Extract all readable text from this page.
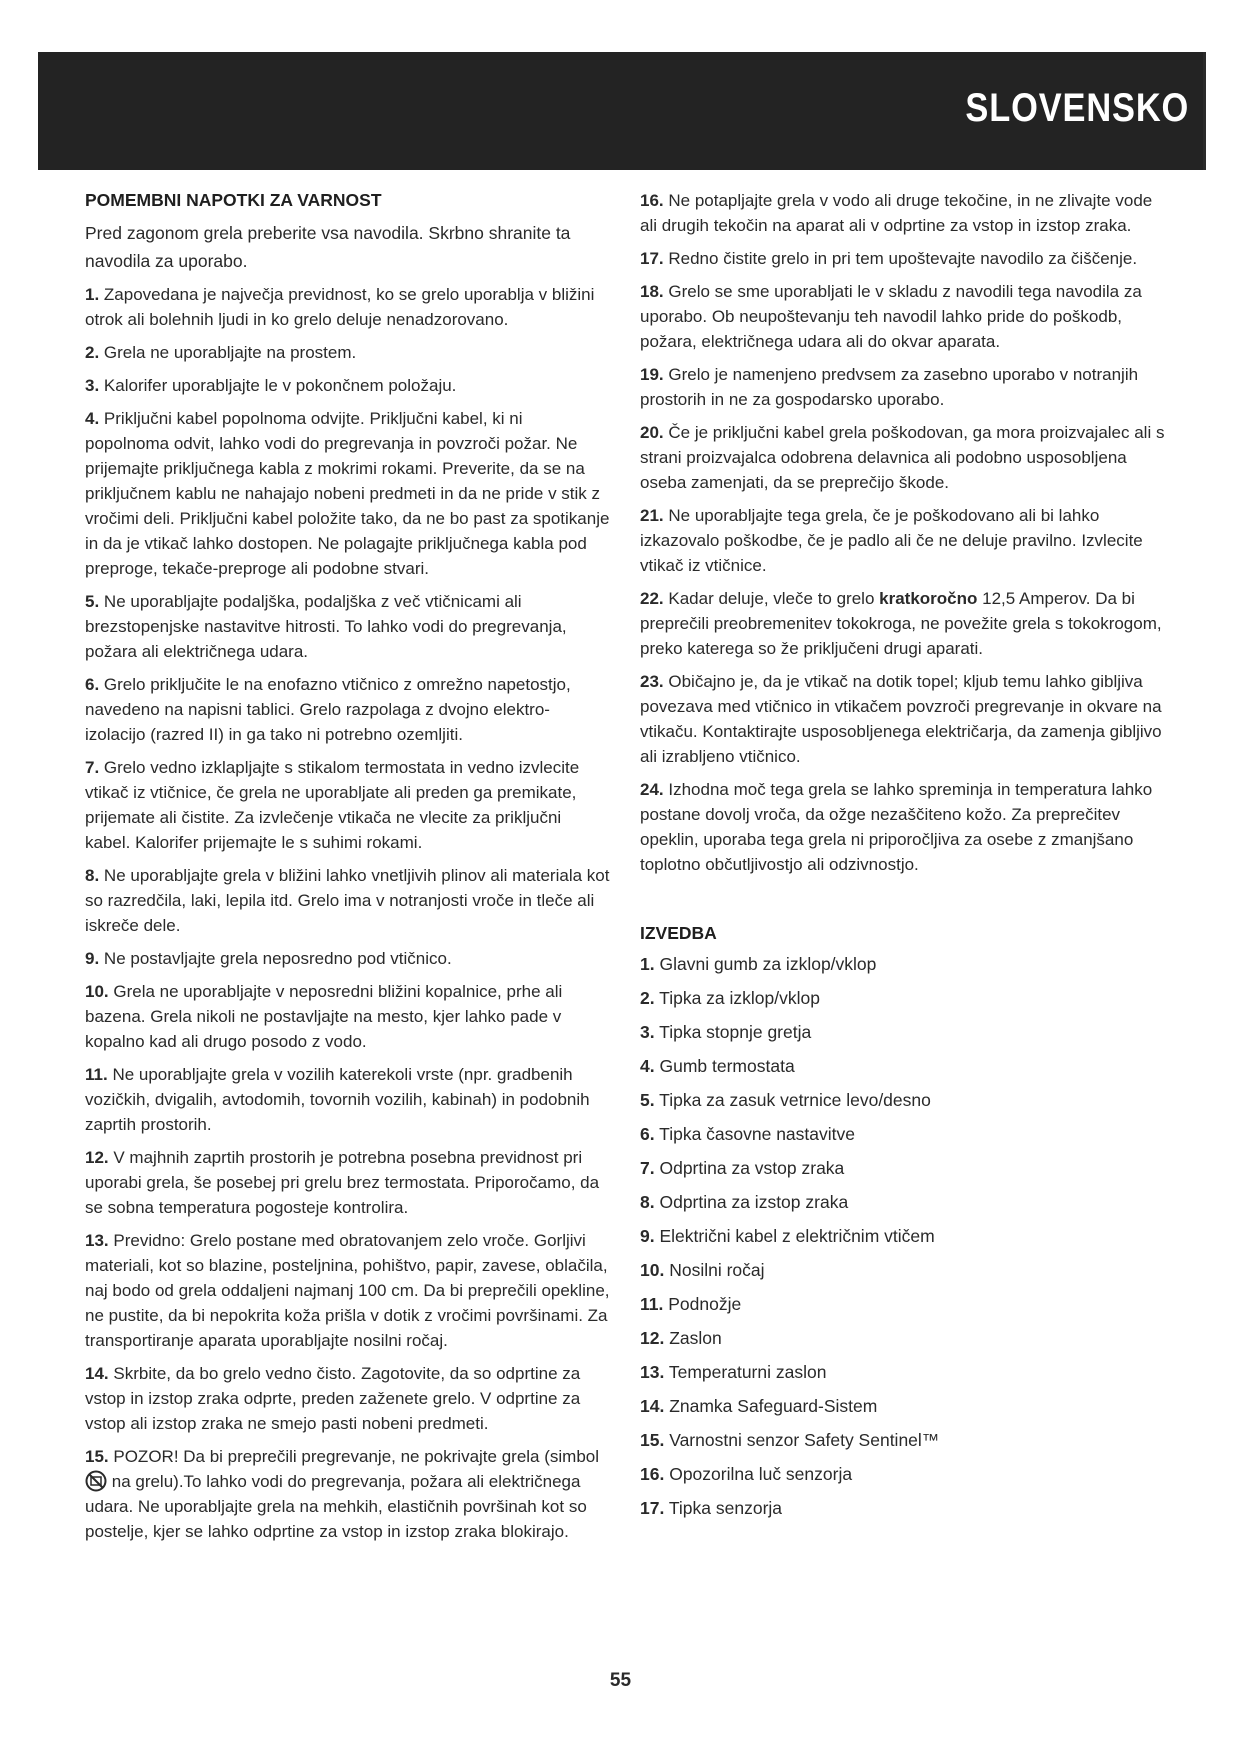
SLOVENSKO
POMEMBNI NAPOTKI ZA VARNOST
Pred zagonom grela preberite vsa navodila. Skrbno shranite ta navodila za uporabo.
1. Zapovedana je največja previdnost, ko se grelo uporablja v bližini otrok ali bolehnih ljudi in ko grelo deluje nenadzorovano.
2. Grela ne uporabljajte na prostem.
3. Kalorifer uporabljajte le v pokončnem položaju.
4. Priključni kabel popolnoma odvijte. Priključni kabel, ki ni popolnoma odvit, lahko vodi do pregrevanja in povzroči požar. Ne prijemajte priključnega kabla z mokrimi rokami. Preverite, da se na priključnem kablu ne nahajajo nobeni predmeti in da ne pride v stik z vročimi deli. Priključni kabel položite tako, da ne bo past za spotikanje in da je vtikač lahko dostopen. Ne polagajte priključnega kabla pod preproge, tekače-preproge ali podobne stvari.
5. Ne uporabljajte podaljška, podaljška z več vtičnicami ali brezstopenjske nastavitve hitrosti. To lahko vodi do pregrevanja, požara ali električnega udara.
6. Grelo priključite le na enofazno vtičnico z omrežno napetostjo, navedeno na napisni tablici. Grelo razpolaga z dvojno elektro-izolacijo (razred II) in ga tako ni potrebno ozemljiti.
7. Grelo vedno izklapljajte s stikalom termostata in vedno izvlecite vtikač iz vtičnice, če grela ne uporabljate ali preden ga premikate, prijemate ali čistite. Za izvlečenje vtikača ne vlecite za priključni kabel. Kalorifer prijemajte le s suhimi rokami.
8. Ne uporabljajte grela v bližini lahko vnetljivih plinov ali materiala kot so razredčila, laki, lepila itd. Grelo ima v notranjosti vroče in tleče ali iskreče dele.
9. Ne postavljajte grela neposredno pod vtičnico.
10. Grela ne uporabljajte v neposredni bližini kopalnice, prhe ali bazena. Grela nikoli ne postavljajte na mesto, kjer lahko pade v kopalno kad ali drugo posodo z vodo.
11. Ne uporabljajte grela v vozilih katerekoli vrste (npr. gradbenih vozičkih, dvigalih, avtodomih, tovornih vozilih, kabinah) in podobnih zaprtih prostorih.
12. V majhnih zaprtih prostorih je potrebna posebna previdnost pri uporabi grela, še posebej pri grelu brez termostata. Priporočamo, da se sobna temperatura pogosteje kontrolira.
13. Previdno: Grelo postane med obratovanjem zelo vroče. Gorljivi materiali, kot so blazine, posteljnina, pohištvo, papir, zavese, oblačila, naj bodo od grela oddaljeni najmanj 100 cm. Da bi preprečili opekline, ne pustite, da bi nepokrita koža prišla v dotik z vročimi površinami. Za transportiranje aparata uporabljajte nosilni ročaj.
14. Skrbite, da bo grelo vedno čisto. Zagotovite, da so odprtine za vstop in izstop zraka odprte, preden zaženete grelo. V odprtine za vstop ali izstop zraka ne smejo pasti nobeni predmeti.
15. POZOR! Da bi preprečili pregrevanje, ne pokrivajte grela (simbol  na grelu).To lahko vodi do pregrevanja, požara ali električnega udara. Ne uporabljajte grela na mehkih, elastičnih površinah kot so postelje, kjer se lahko odprtine za vstop in izstop zraka blokirajo.
16. Ne potapljajte grela v vodo ali druge tekočine, in ne zlivajte vode ali drugih tekočin na aparat ali v odprtine za vstop in izstop zraka.
17. Redno čistite grelo in pri tem upoštevajte navodilo za čiščenje.
18. Grelo se sme uporabljati le v skladu z navodili tega navodila za uporabo. Ob neupoštevanju teh navodil lahko pride do poškodb, požara, električnega udara ali do okvar aparata.
19. Grelo je namenjeno predvsem za zasebno uporabo v notranjih prostorih in ne za gospodarsko uporabo.
20. Če je priključni kabel grela poškodovan, ga mora proizvajalec ali s strani proizvajalca odobrena delavnica ali podobno usposobljena oseba zamenjati, da se preprečijo škode.
21. Ne uporabljajte tega grela, če je poškodovano ali bi lahko izkazovalo poškodbe, če je padlo ali če ne deluje pravilno. Izvlecite vtikač iz vtičnice.
22. Kadar deluje, vleče to grelo kratkoročno 12,5 Amperov. Da bi preprečili preobremenitev tokokroga, ne povežite grela s tokokrogom, preko katerega so že priključeni drugi aparati.
23. Običajno je, da je vtikač na dotik topel; kljub temu lahko gibljiva povezava med vtičnico in vtikačem povzroči pregrevanje in okvare na vtikaču. Kontaktirajte usposobljenega električarja, da zamenja gibljivo ali izrabljeno vtičnico.
24. Izhodna moč tega grela se lahko spreminja in temperatura lahko postane dovolj vroča, da ožge nezaščiteno kožo. Za preprečitev opeklin, uporaba tega grela ni priporočljiva za osebe z zmanjšano toplotno občutljivostjo ali odzivnostjo.
IZVEDBA
1. Glavni gumb za izklop/vklop
2. Tipka za izklop/vklop
3. Tipka stopnje gretja
4. Gumb termostata
5. Tipka za zasuk vetrnice levo/desno
6. Tipka časovne nastavitve
7. Odprtina za vstop zraka
8. Odprtina za izstop zraka
9. Električni kabel z električnim vtičem
10. Nosilni ročaj
11. Podnožje
12. Zaslon
13. Temperaturni zaslon
14. Znamka Safeguard-Sistem
15. Varnostni senzor Safety Sentinel™
16. Opozorilna luč senzorja
17. Tipka senzorja
55
